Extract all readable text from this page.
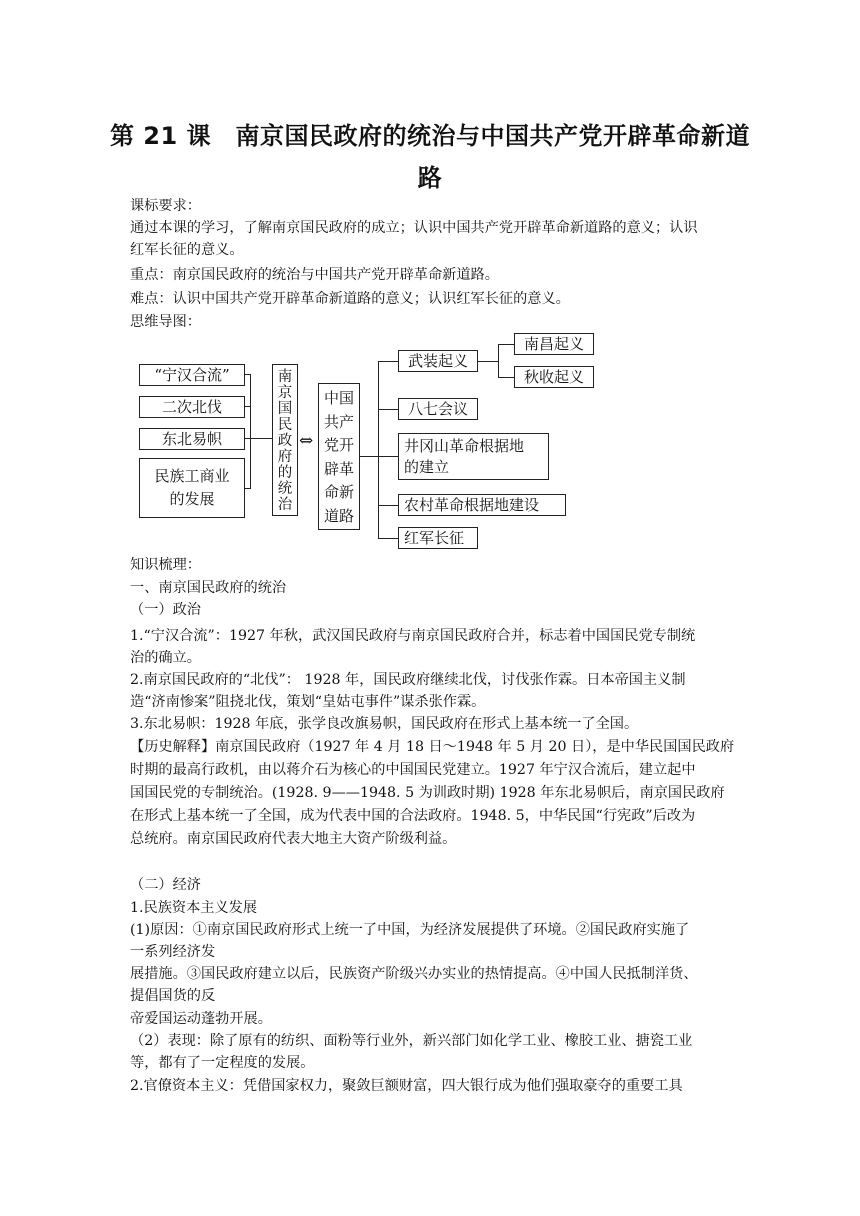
第 21 课　南京国民政府的统治与中国共产党开辟革命新道
路
课标要求：
通过本课的学习，了解南京国民政府的成立；认识中国共产党开辟革命新道路的意义；认识
红军长征的意义。
重点：南京国民政府的统治与中国共产党开辟革命新道路。
难点：认识中国共产党开辟革命新道路的意义；认识红军长征的意义。
思维导图：
“宁汉合流”
二次北伐
东北易帜
民族工商业的发展
南
京
国
民
政
府
的
统
治
⇔
中国
共产
党开
辟革
命新
道路
武装起义
南昌起义
秋收起义
八七会议
井冈山革命根据地
的建立
农村革命根据地建设
红军长征
知识梳理：
一、南京国民政府的统治
（一）政治
1.“宁汉合流”：1927 年秋，武汉国民政府与南京国民政府合并，标志着中国国民党专制统
治的确立。
2.南京国民政府的“北伐”： 1928 年，国民政府继续北伐，讨伐张作霖。日本帝国主义制
造“济南惨案”阻挠北伐，策划“皇姑屯事件”谋杀张作霖。
3.东北易帜：1928 年底，张学良改旗易帜，国民政府在形式上基本统一了全国。
【历史解释】南京国民政府（1927 年 4 月 18 日～1948 年 5 月 20 日），是中华民国国民政府
时期的最高行政机，由以蒋介石为核心的中国国民党建立。1927 年宁汉合流后，建立起中
国国民党的专制统治。(1928. 9——1948. 5 为训政时期) 1928 年东北易帜后，南京国民政府
在形式上基本统一了全国，成为代表中国的合法政府。1948. 5，中华民国“行宪政”后改为
总统府。南京国民政府代表大地主大资产阶级利益。
（二）经济
1.民族资本主义发展
(1)原因：①南京国民政府形式上统一了中国，为经济发展提供了环境。②国民政府实施了
一系列经济发
展措施。③国民政府建立以后，民族资产阶级兴办实业的热情提高。④中国人民抵制洋货、
提倡国货的反
帝爱国运动蓬勃开展。
（2）表现：除了原有的纺织、面粉等行业外，新兴部门如化学工业、橡胶工业、搪瓷工业
等，都有了一定程度的发展。
2.官僚资本主义：凭借国家权力，聚敛巨额财富，四大银行成为他们强取豪夺的重要工具
